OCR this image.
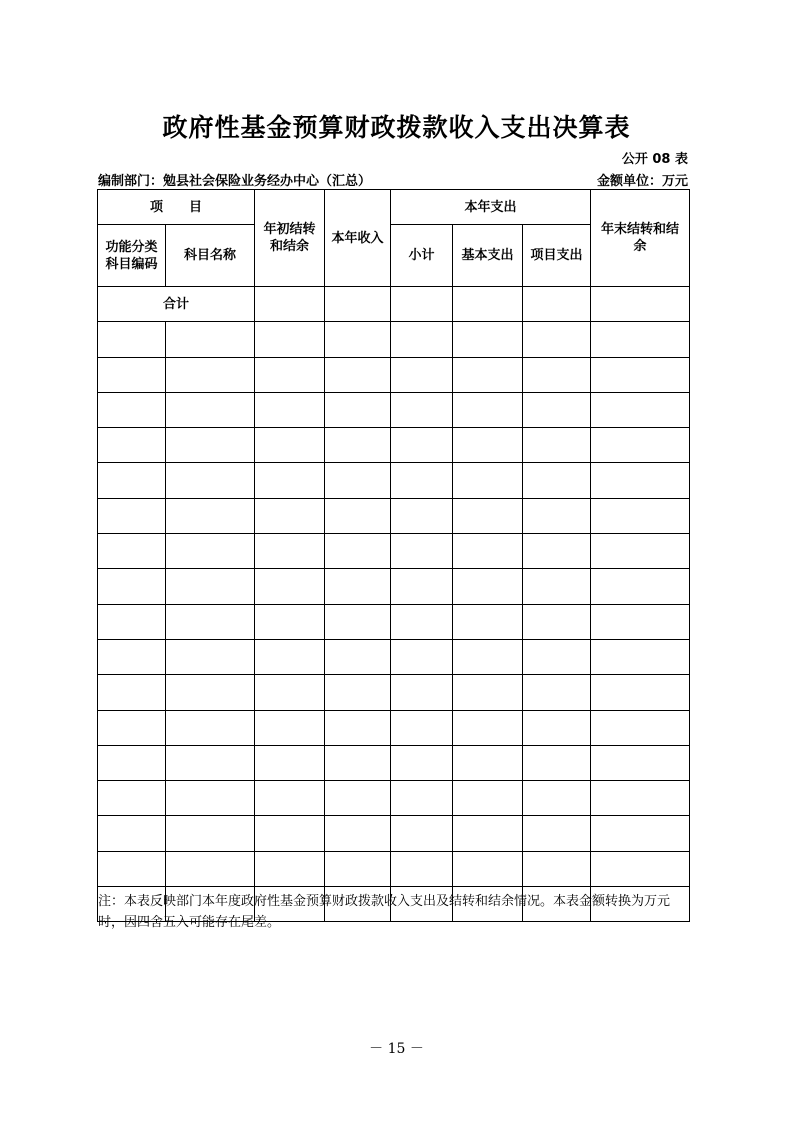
政府性基金预算财政拨款收入支出决算表
公开 08 表
编制部门：勉县社会保险业务经办中心（汇总）	金额单位：万元
项　　目		年初结转和结余	本年收入	本年支出			年末结转和结余
功能分类科目编码	科目名称			小计	基本支出	项目支出	
合计							

注：本表反映部门本年度政府性基金预算财政拨款收入支出及结转和结余情况。本表金额转换为万元时，因四舍五入可能存在尾差。
－ 15 －
